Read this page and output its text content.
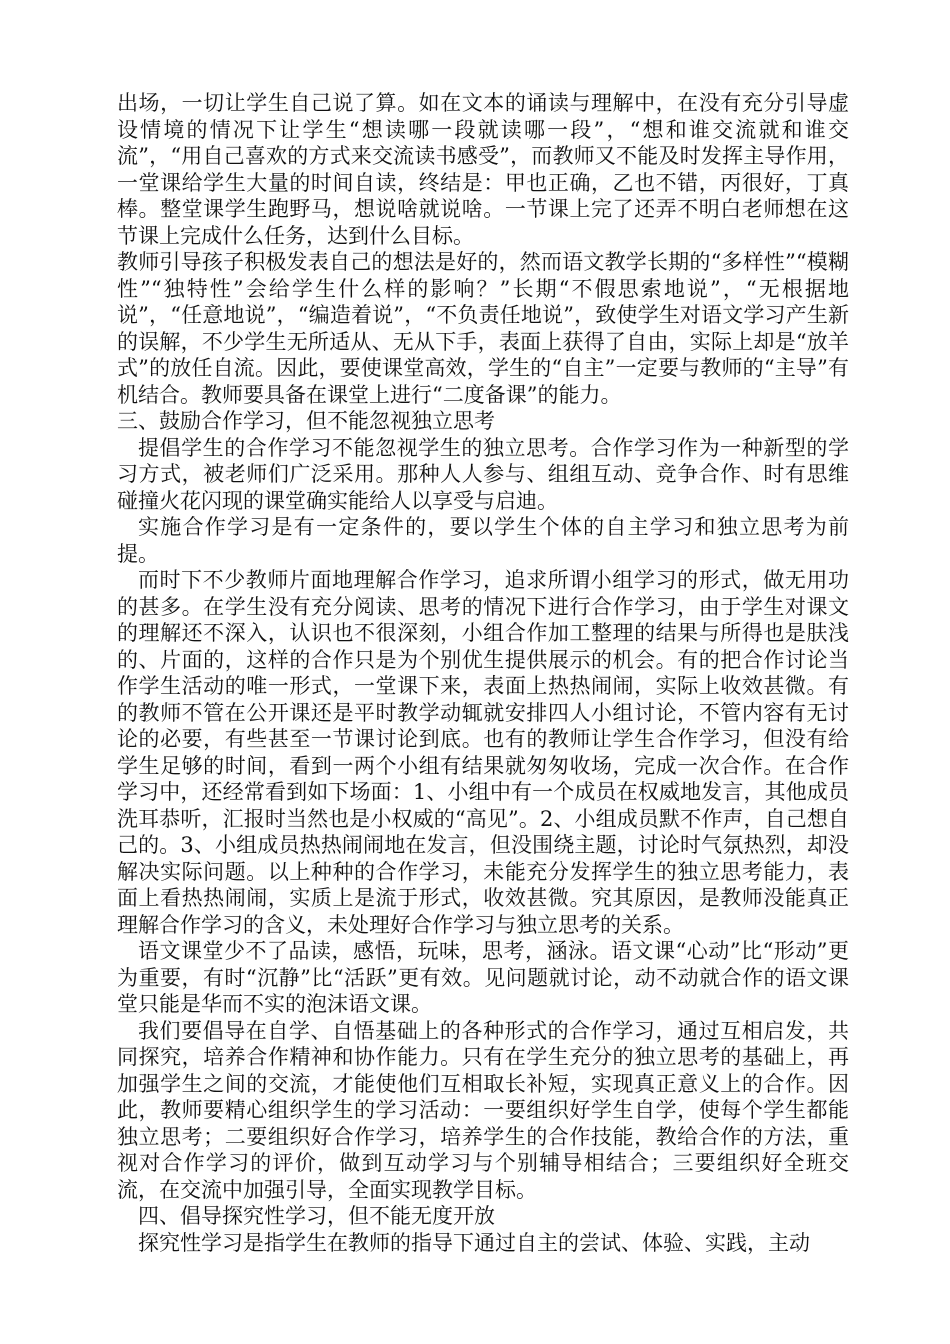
出场，一切让学生自己说了算。如在文本的诵读与理解中，在没有充分引导虚设情境的情况下让学生“想读哪一段就读哪一段”，“想和谁交流就和谁交流”，“用自己喜欢的方式来交流读书感受”，而教师又不能及时发挥主导作用，一堂课给学生大量的时间自读，终结是：甲也正确，乙也不错，丙很好，丁真棒。整堂课学生跑野马，想说啥就说啥。一节课上完了还弄不明白老师想在这节课上完成什么任务，达到什么目标。

教师引导孩子积极发表自己的想法是好的，然而语文教学长期的“多样性”“模糊性”“独特性”会给学生什么样的影响？”长期“不假思索地说”，“无根据地说”，“任意地说”，“编造着说”，“不负责任地说”，致使学生对语文学习产生新的误解，不少学生无所适从、无从下手，表面上获得了自由，实际上却是“放羊式”的放任自流。因此，要使课堂高效，学生的“自主”一定要与教师的“主导”有机结合。教师要具备在课堂上进行“二度备课”的能力。

三、鼓励合作学习，但不能忽视独立思考

提倡学生的合作学习不能忽视学生的独立思考。合作学习作为一种新型的学习方式，被老师们广泛采用。那种人人参与、组组互动、竞争合作、时有思维碰撞火花闪现的课堂确实能给人以享受与启迪。

实施合作学习是有一定条件的，要以学生个体的自主学习和独立思考为前提。

而时下不少教师片面地理解合作学习，追求所谓小组学习的形式，做无用功的甚多。在学生没有充分阅读、思考的情况下进行合作学习，由于学生对课文的理解还不深入，认识也不很深刻，小组合作加工整理的结果与所得也是肤浅的、片面的，这样的合作只是为个别优生提供展示的机会。有的把合作讨论当作学生活动的唯一形式，一堂课下来，表面上热热闹闹，实际上收效甚微。有的教师不管在公开课还是平时教学动辄就安排四人小组讨论，不管内容有无讨论的必要，有些甚至一节课讨论到底。也有的教师让学生合作学习，但没有给学生足够的时间，看到一两个小组有结果就匆匆收场，完成一次合作。在合作学习中，还经常看到如下场面：1、小组中有一个成员在权威地发言，其他成员洗耳恭听，汇报时当然也是小权威的“高见”。2、小组成员默不作声，自己想自己的。3、小组成员热热闹闹地在发言，但没围绕主题，讨论时气氛热烈，却没解决实际问题。以上种种的合作学习，未能充分发挥学生的独立思考能力，表面上看热热闹闹，实质上是流于形式，收效甚微。究其原因，是教师没能真正理解合作学习的含义，未处理好合作学习与独立思考的关系。

语文课堂少不了品读，感悟，玩味，思考，涵泳。语文课“心动”比“形动”更为重要，有时“沉静”比“活跃”更有效。见问题就讨论，动不动就合作的语文课堂只能是华而不实的泡沫语文课。

我们要倡导在自学、自悟基础上的各种形式的合作学习，通过互相启发，共同探究，培养合作精神和协作能力。只有在学生充分的独立思考的基础上，再加强学生之间的交流，才能使他们互相取长补短，实现真正意义上的合作。因此，教师要精心组织学生的学习活动：一要组织好学生自学，使每个学生都能独立思考；二要组织好合作学习，培养学生的合作技能，教给合作的方法，重视对合作学习的评价，做到互动学习与个别辅导相结合；三要组织好全班交流，在交流中加强引导，全面实现教学目标。

四、倡导探究性学习，但不能无度开放

探究性学习是指学生在教师的指导下通过自主的尝试、体验、实践，主动
